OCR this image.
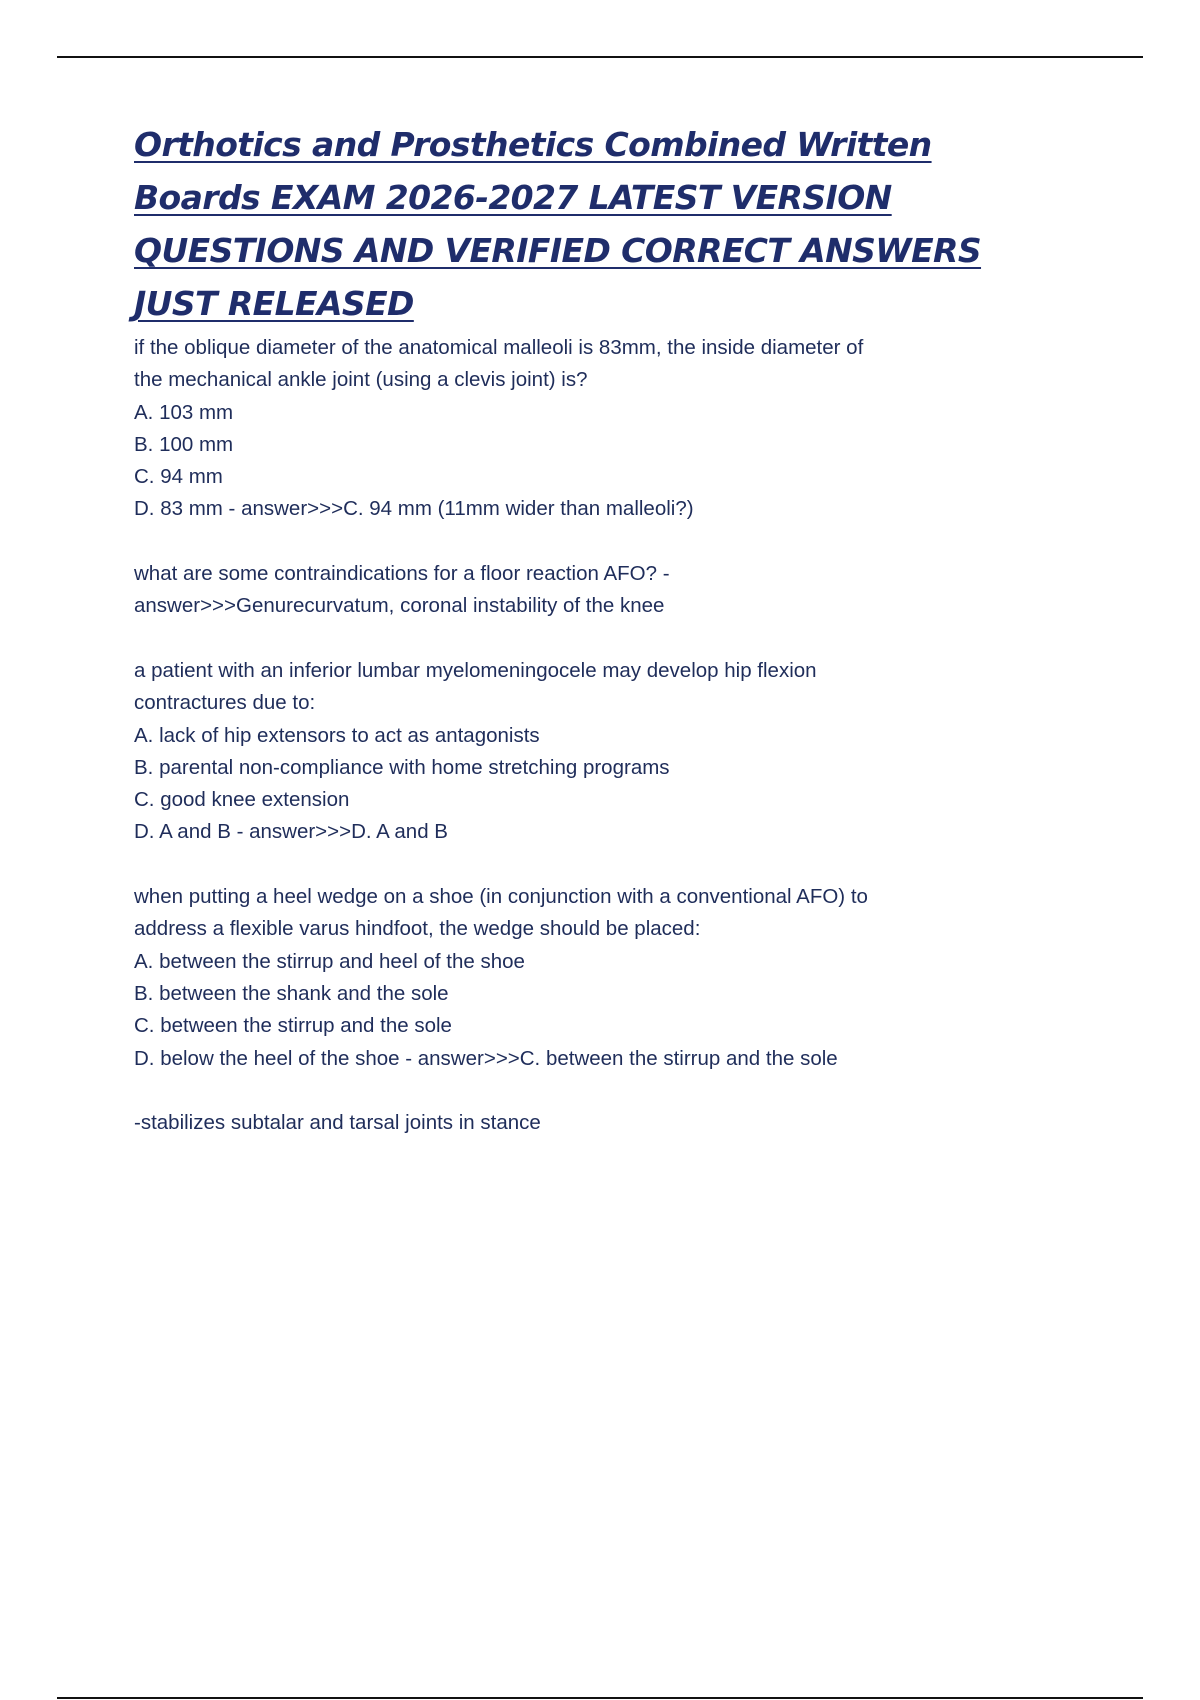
Orthotics and Prosthetics Combined Written
Boards EXAM 2026-2027 LATEST VERSION
QUESTIONS AND VERIFIED CORRECT ANSWERS
JUST RELEASED
if the oblique diameter of the anatomical malleoli is 83mm, the inside diameter of
the mechanical ankle joint (using a clevis joint) is?
A. 103 mm
B. 100 mm
C. 94 mm
D. 83 mm - answer>>>C. 94 mm (11mm wider than malleoli?)
what are some contraindications for a floor reaction AFO? -
answer>>>Genurecurvatum, coronal instability of the knee
a patient with an inferior lumbar myelomeningocele may develop hip flexion
contractures due to:
A. lack of hip extensors to act as antagonists
B. parental non-compliance with home stretching programs
C. good knee extension
D. A and B - answer>>>D. A and B
when putting a heel wedge on a shoe (in conjunction with a conventional AFO) to
address a flexible varus hindfoot, the wedge should be placed:
A. between the stirrup and heel of the shoe
B. between the shank and the sole
C. between the stirrup and the sole
D. below the heel of the shoe - answer>>>C. between the stirrup and the sole
-stabilizes subtalar and tarsal joints in stance
